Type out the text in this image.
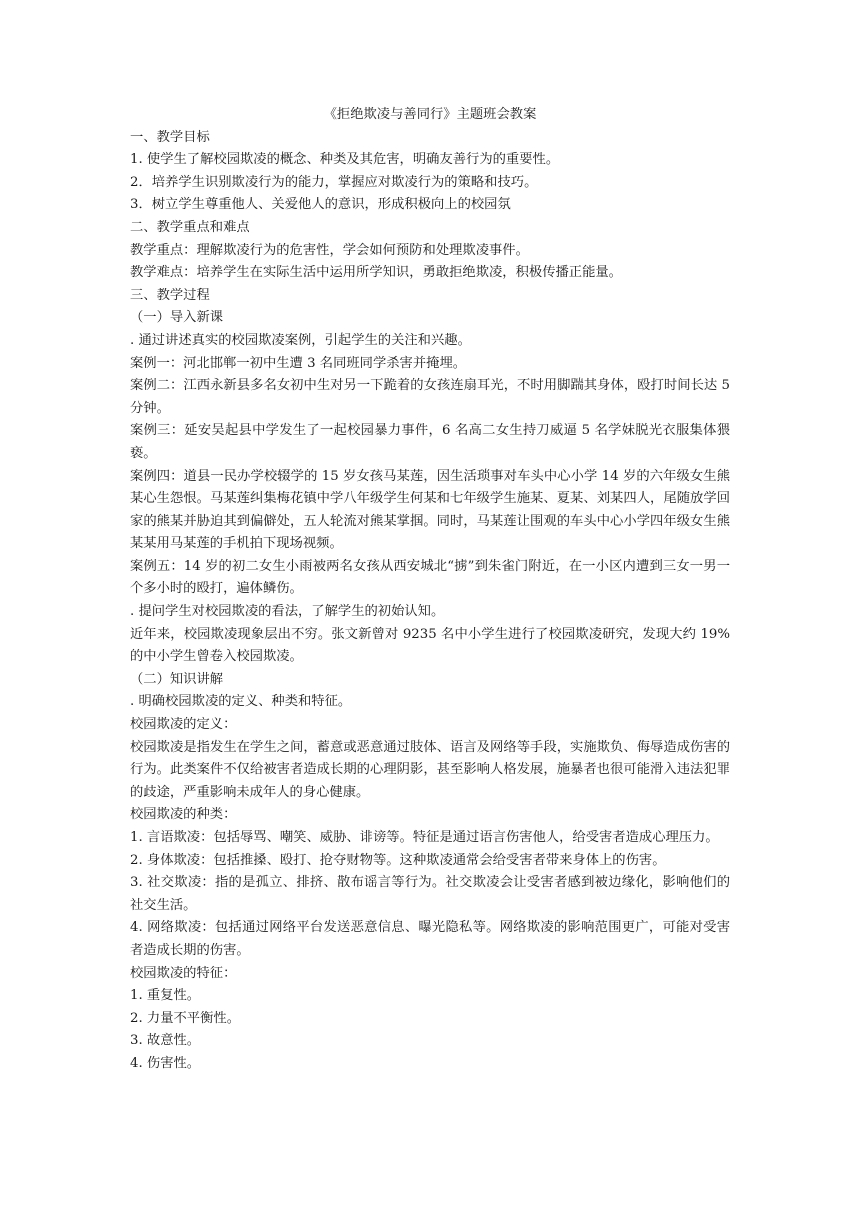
《拒绝欺凌与善同行》主题班会教案

一、教学目标

1. 使学生了解校园欺凌的概念、种类及其危害，明确友善行为的重要性。

2．培养学生识别欺凌行为的能力，掌握应对欺凌行为的策略和技巧。

3．树立学生尊重他人、关爱他人的意识，形成积极向上的校园氛

二、教学重点和难点

教学重点：理解欺凌行为的危害性，学会如何预防和处理欺凌事件。

教学难点：培养学生在实际生活中运用所学知识，勇敢拒绝欺凌，积极传播正能量。

三、教学过程

（一）导入新课

. 通过讲述真实的校园欺凌案例，引起学生的关注和兴趣。

案例一：河北邯郸一初中生遭 3 名同班同学杀害并掩埋。

案例二：江西永新县多名女初中生对另一下跪着的女孩连扇耳光，不时用脚踹其身体，殴打时间长达 5 分钟。

案例三：延安吴起县中学发生了一起校园暴力事件，6 名高二女生持刀威逼 5 名学妹脱光衣服集体猥亵。

案例四：道县一民办学校辍学的 15 岁女孩马某莲，因生活琐事对车头中心小学 14 岁的六年级女生熊某心生怨恨。马某莲纠集梅花镇中学八年级学生何某和七年级学生施某、夏某、刘某四人，尾随放学回家的熊某并胁迫其到偏僻处，五人轮流对熊某掌掴。同时，马某莲让围观的车头中心小学四年级女生熊某某用马某莲的手机拍下现场视频。

案例五：14 岁的初二女生小雨被两名女孩从西安城北“掳”到朱雀门附近，在一小区内遭到三女一男一个多小时的殴打，遍体鳞伤。

. 提问学生对校园欺凌的看法，了解学生的初始认知。

近年来，校园欺凌现象层出不穷。张文新曾对 9235 名中小学生进行了校园欺凌研究，发现大约 19%的中小学生曾卷入校园欺凌。

（二）知识讲解

. 明确校园欺凌的定义、种类和特征。

校园欺凌的定义：

校园欺凌是指发生在学生之间，蓄意或恶意通过肢体、语言及网络等手段，实施欺负、侮辱造成伤害的行为。此类案件不仅给被害者造成长期的心理阴影，甚至影响人格发展，施暴者也很可能滑入违法犯罪的歧途，严重影响未成年人的身心健康。

校园欺凌的种类：

1. 言语欺凌：包括辱骂、嘲笑、威胁、诽谤等。特征是通过语言伤害他人，给受害者造成心理压力。

2. 身体欺凌：包括推搡、殴打、抢夺财物等。这种欺凌通常会给受害者带来身体上的伤害。

3. 社交欺凌：指的是孤立、排挤、散布谣言等行为。社交欺凌会让受害者感到被边缘化，影响他们的社交生活。

4. 网络欺凌：包括通过网络平台发送恶意信息、曝光隐私等。网络欺凌的影响范围更广，可能对受害者造成长期的伤害。

校园欺凌的特征：

1. 重复性。

2. 力量不平衡性。

3. 故意性。

4. 伤害性。
